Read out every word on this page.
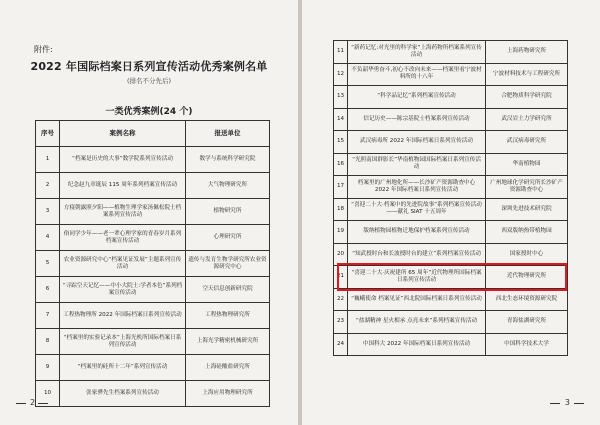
附件:
2022 年国际档案日系列宣传活动优秀案例名单
(排名不分先后)
一类优秀案例(24 个)
序号	案例名称	报送单位
1	“档案是历史的大事”数学院系列宣传活动	数学与系统科学研究院
2	纪念赵九章诞辰 115 周年系列档案宣传活动	大气物理研究所
3	方寝朝露照夕阳——植物生理学家汤佩松院士档案系列宣传活动	植物研究所
4	俗同学少年——老一辈心理学家的青春岁月系列档案宣传活动	心理研究所
5	农业资源研究中心“档案见证发展”主题系列宣传活动	遗传与发育生物学研究所农业资源研究中心
6	“寻踪空天记忆——中小大院士:学者本色”系列档案宣传活动	空天信息创新研究院
7	工程热物理所 2022 年国际档案日系列宣传活动	工程热物理研究所
8	“档案里的实验记录本”上海光机所国际档案日系列宣传活动	上海光学精密机械研究所
9	“档案里的硅所十二年”系列宣传活动	上海硅酸盐研究所
10	张家骅先生档案系列宣传活动	上海应用物理研究所
2	3
11	“新药记忆:对光里的科学家”上海药物所档案系列宣传活动	上海药物研究所
12	不负韶华勇奋斗,初心不改向未来——档案里看宁波材料所的十八年	宁波材料技术与工程研究所
13	“科学品记忆”系列档案宣传活动	合肥物质科学研究院
14	信记历史——陈宗基院士档案系列宣传活动	武汉岩土力学研究所
15	武汉病毒所 2022 年国际档案日系列宣传活动	武汉病毒研究所
16	“光照南国群影长”华南植物园国际档案日系列宣传活动	华南植物园
17	档案里的广州地化所——长沙矿产资源勘查中心 2022 年国际档案日系列宣传活动	广州地球化学研究所长沙矿产资源勘查中心
18	“喜迎二十大·档案中的先进院故事”系列档案宣传活动——献礼 SIAT 十五周年	深圳先进技术研究院
19	版纳植物园植物迁地保护档案系列宣传活动	西双版纳热带植物园
20	“知武授时台和长波授时台的建立”系列档案宣传活动	国家授时中心
21	“喜迎二十大·庆祝建所 65 周年”近代物理所国际档案日系列宣传活动	近代物理研究所
22	“巍峨使命 档案见证”西北院国际档案日系列宣传活动	西北生态环境资源研究院
23	“盐湖精神 星火相承 点亮未来”系列档案宣传活动	青海盐湖研究所
24	中国科大 2022 年国际档案日系列宣传活动	中国科学技术大学
